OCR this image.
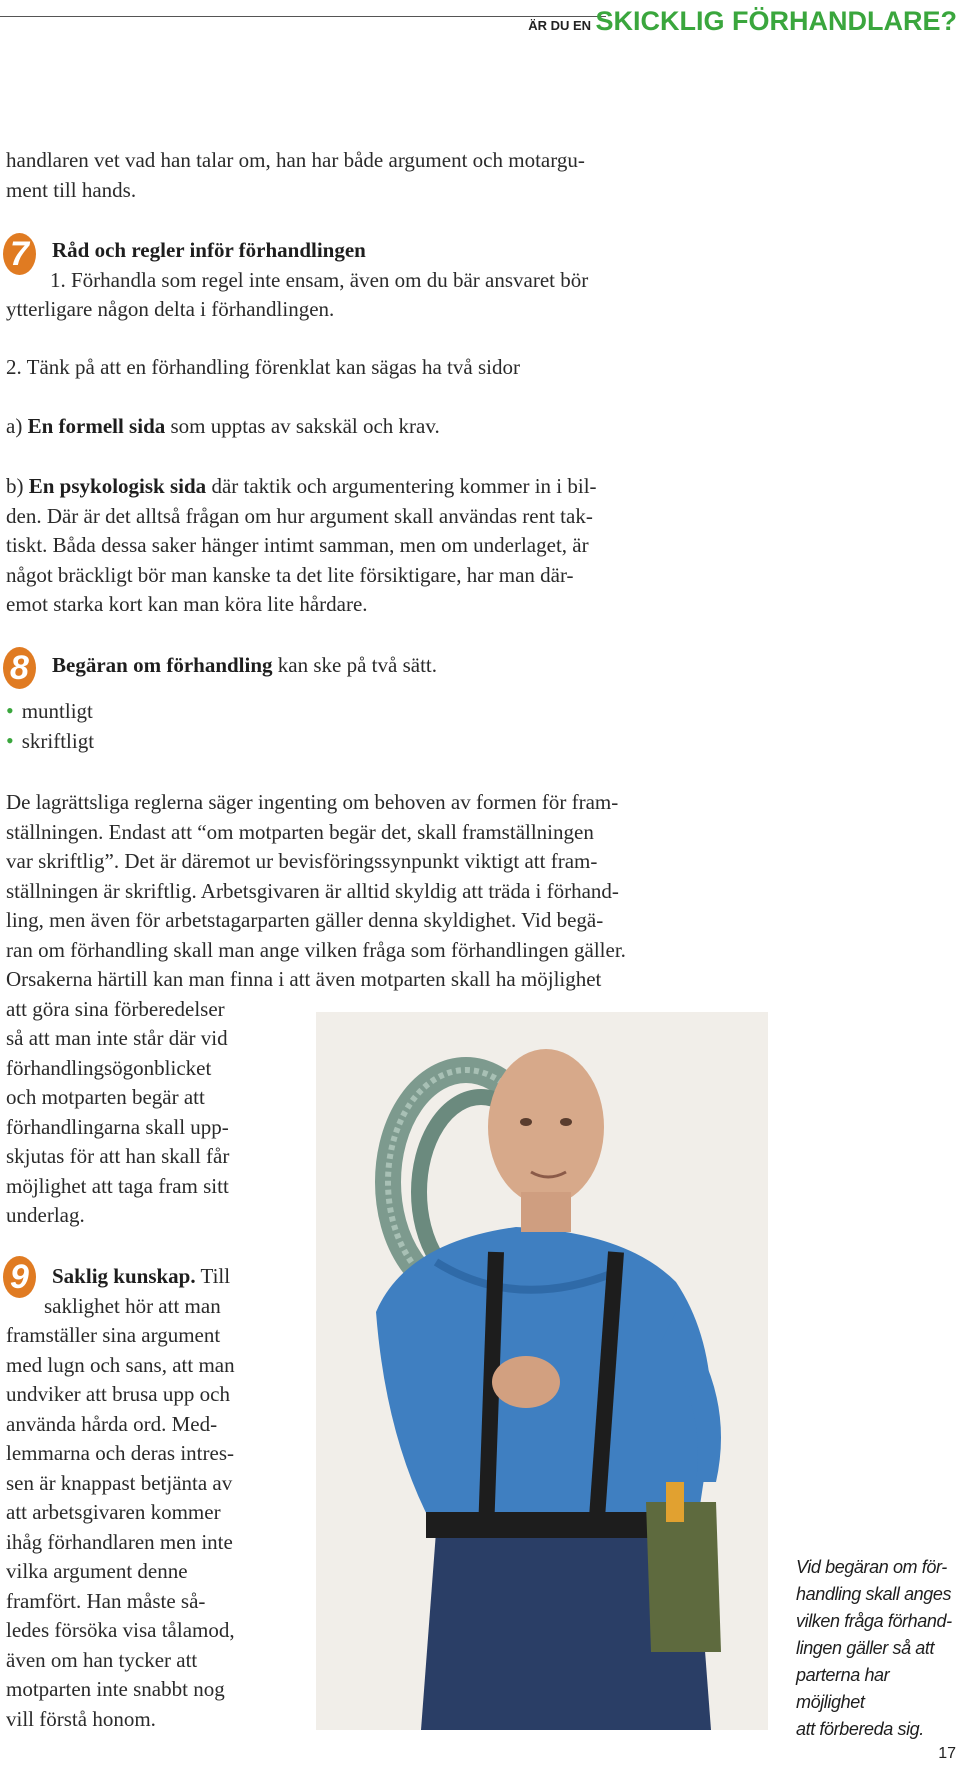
ÄR DU EN SKICKLIG FÖRHANDLARE?
handlaren vet vad han talar om, han har både argument och motargu-
ment till hands.
7	Råd och regler inför förhandlingen
1. Förhandla som regel inte ensam, även om du bär ansvaret bör
ytterligare någon delta i förhandlingen.
2. Tänk på att en förhandling förenklat kan sägas ha två sidor
a) En formell sida som upptas av sakskäl och krav.
b) En psykologisk sida där taktik och argumentering kommer in i bil-
den. Där är det alltså frågan om hur argument skall användas rent tak-
tiskt. Båda dessa saker hänger intimt samman, men om underlaget, är
något bräckligt bör man kanske ta det lite försiktigare, har man där-
emot starka kort kan man köra lite hårdare.
8	Begäran om förhandling kan ske på två sätt.
• muntligt
• skriftligt
De lagrättsliga reglerna säger ingenting om behoven av formen för fram-
ställningen. Endast att “om motparten begär det, skall framställningen
var skriftlig”. Det är däremot ur bevisföringssynpunkt viktigt att fram-
ställningen är skriftlig. Arbetsgivaren är alltid skyldig att träda i förhand-
ling, men även för arbetstagarparten gäller denna skyldighet. Vid begä-
ran om förhandling skall man ange vilken fråga som förhandlingen gäller.
Orsakerna härtill kan man finna i att även motparten skall ha möjlighet
att göra sina förberedelser
så att man inte står där vid
förhandlingsögonblicket
och motparten begär att
förhandlingarna skall upp-
skjutas för att han skall får
möjlighet att taga fram sitt
underlag.
9	Saklig kunskap. Till
saklighet hör att man
framställer sina argument
med lugn och sans, att man
undviker att brusa upp och
använda hårda ord. Med-
lemmarna och deras intres-
sen är knappast betjänta av
att arbetsgivaren kommer
ihåg förhandlaren men inte
vilka argument denne
framfört. Han måste så-
ledes försöka visa tålamod,
även om han tycker att
motparten inte snabbt nog
vill förstå honom.
Vid begäran om för-
handling skall anges
vilken fråga förhand-
lingen gäller så att
parterna har möjlighet
att förbereda sig.
17
